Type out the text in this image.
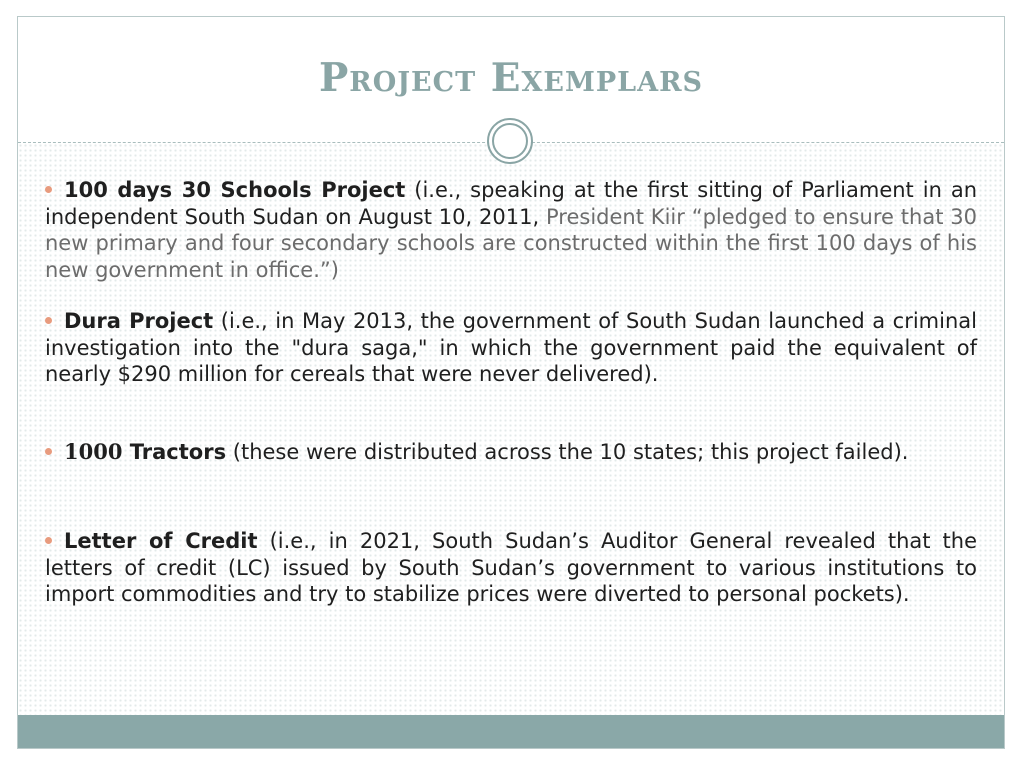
Project Exemplars

100 days 30 Schools Project (i.e., speaking at the first sitting of Parliament in an independent South Sudan on August 10, 2011, President Kiir “pledged to ensure that 30 new primary and four secondary schools are constructed within the first 100 days of his new government in office.”)

Dura Project (i.e., in May 2013, the government of South Sudan launched a criminal investigation into the "dura saga," in which the government paid the equivalent of nearly $290 million for cereals that were never delivered).

1000 Tractors (these were distributed across the 10 states; this project failed).

Letter of Credit (i.e., in 2021, South Sudan’s Auditor General revealed that the letters of credit (LC) issued by South Sudan’s government to various institutions to import commodities and try to stabilize prices were diverted to personal pockets).
